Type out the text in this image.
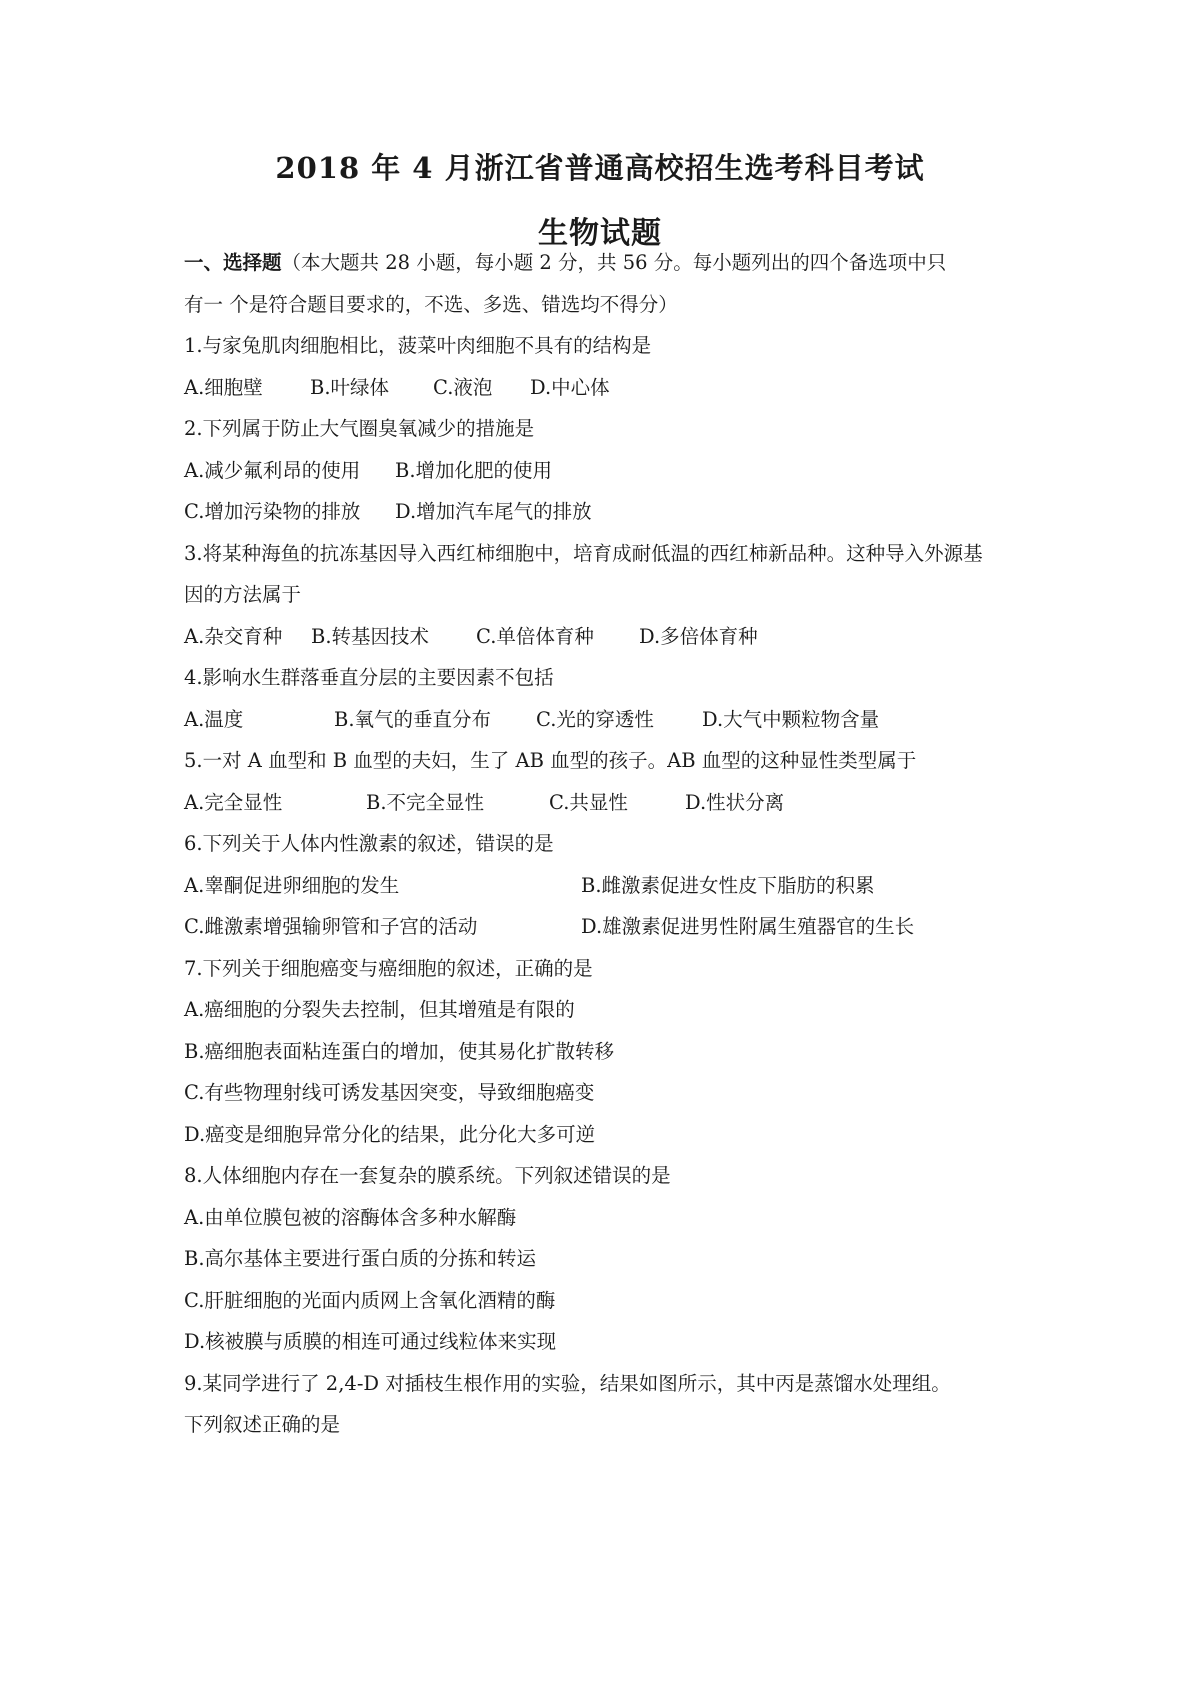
2018 年 4 月浙江省普通高校招生选考科目考试
生物试题
一、选择题（本大题共 28 小题，每小题 2 分，共 56 分。每小题列出的四个备选项中只
有一 个是符合题目要求的，不选、多选、错选均不得分）
1.与家兔肌肉细胞相比，菠菜叶肉细胞不具有的结构是
A.细胞壁 B.叶绿体 C.液泡 D.中心体
2.下列属于防止大气圈臭氧减少的措施是
A.减少氟利昂的使用 B.增加化肥的使用
C.增加污染物的排放 D.增加汽车尾气的排放
3.将某种海鱼的抗冻基因导入西红柿细胞中，培育成耐低温的西红柿新品种。这种导入外源基
因的方法属于
A.杂交育种 B.转基因技术 C.单倍体育种 D.多倍体育种
4.影响水生群落垂直分层的主要因素不包括
A.温度	B.氧气的垂直分布 C.光的穿透性 D.大气中颗粒物含量
5.一对 A 血型和 B 血型的夫妇，生了 AB 血型的孩子。AB 血型的这种显性类型属于
A.完全显性	B.不完全显性	C.共显性	D.性状分离
6.下列关于人体内性激素的叙述，错误的是
A.睾酮促进卵细胞的发生	B.雌激素促进女性皮下脂肪的积累
C.雌激素增强输卵管和子宫的活动	D.雄激素促进男性附属生殖器官的生长
7.下列关于细胞癌变与癌细胞的叙述，正确的是
A.癌细胞的分裂失去控制，但其增殖是有限的
B.癌细胞表面粘连蛋白的增加，使其易化扩散转移
C.有些物理射线可诱发基因突变，导致细胞癌变
D.癌变是细胞异常分化的结果，此分化大多可逆
8.人体细胞内存在一套复杂的膜系统。下列叙述错误的是
A.由单位膜包被的溶酶体含多种水解酶
B.高尔基体主要进行蛋白质的分拣和转运
C.肝脏细胞的光面内质网上含氧化酒精的酶
D.核被膜与质膜的相连可通过线粒体来实现
9.某同学进行了 2,4-D 对插枝生根作用的实验，结果如图所示，其中丙是蒸馏水处理组。
下列叙述正确的是
